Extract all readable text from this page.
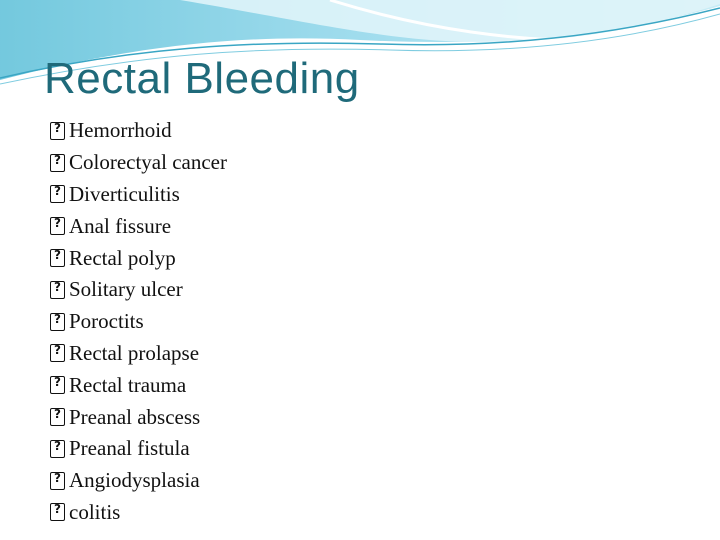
Rectal Bleeding
?
Hemorrhoid
?
Colorectyal cancer
?
Diverticulitis
?
Anal fissure
?
Rectal polyp
?
Solitary ulcer
?
Poroctits
?
Rectal prolapse
?
Rectal trauma
?
Preanal abscess
?
Preanal fistula
?
Angiodysplasia
?
colitis
